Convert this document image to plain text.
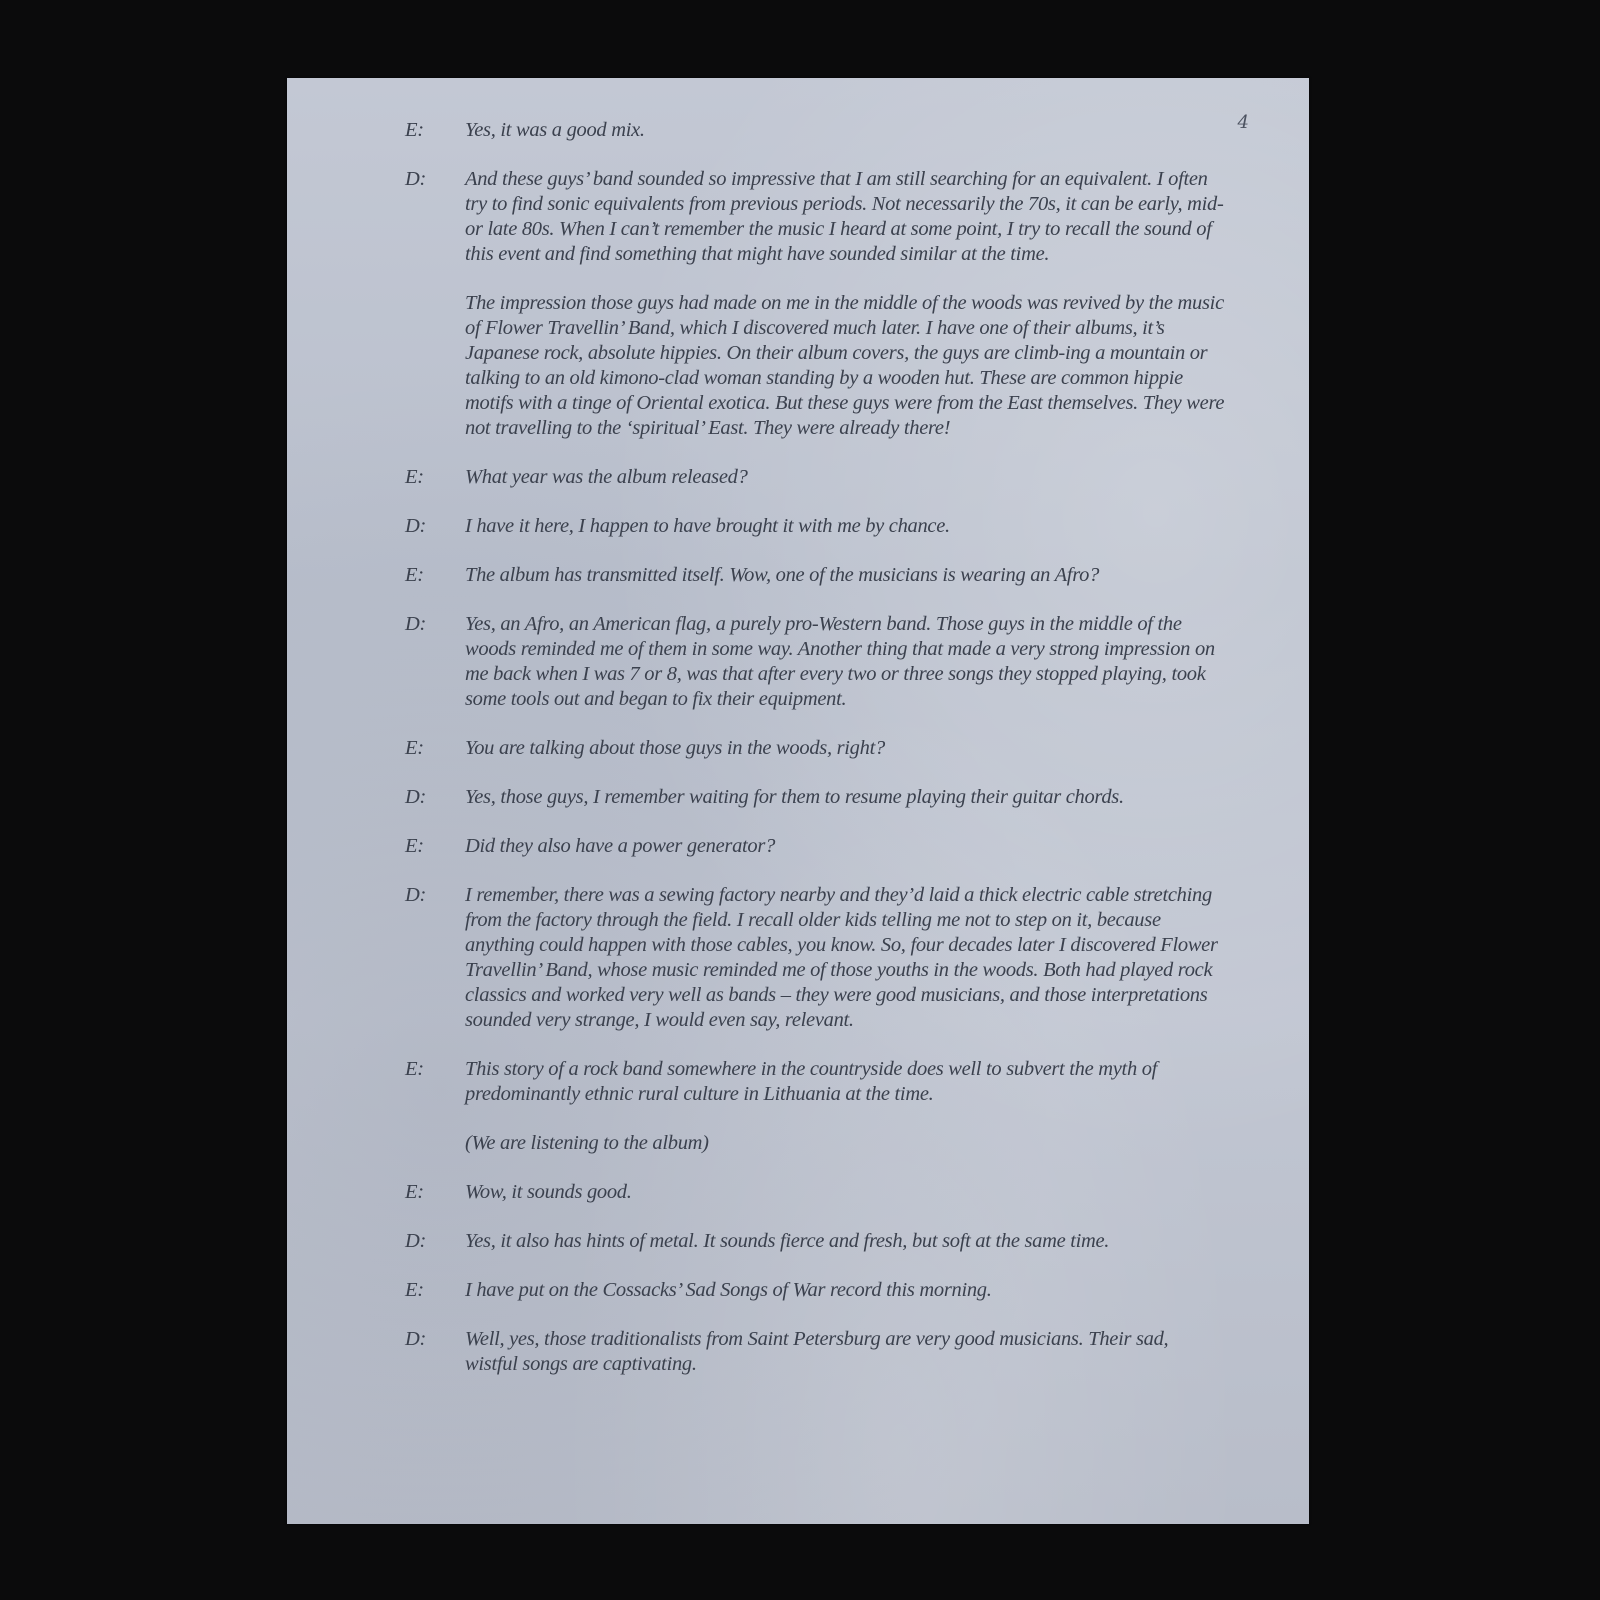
4
E:	Yes, it was a good mix.

D:	And these guys’ band sounded so impressive that I am still searching for an equivalent. I often try to find sonic equivalents from previous periods. Not necessarily the 70s, it can be early, mid- or late 80s. When I can’t remember the music I heard at some point, I try to recall the sound of this event and find something that might have sounded similar at the time.

The impression those guys had made on me in the middle of the woods was revived by the music of Flower Travellin’ Band, which I discovered much later. I have one of their albums, it’s Japanese rock, absolute hippies. On their album covers, the guys are climb-ing a mountain or talking to an old kimono-clad woman standing by a wooden hut. These are common hippie motifs with a tinge of Oriental exotica. But these guys were from the East themselves. They were not travelling to the ‘spiritual’ East. They were already there!

E:	What year was the album released?

D:	I have it here, I happen to have brought it with me by chance.

E:	The album has transmitted itself. Wow, one of the musicians is wearing an Afro?

D:	Yes, an Afro, an American flag, a purely pro-Western band. Those guys in the middle of the woods reminded me of them in some way. Another thing that made a very strong impression on me back when I was 7 or 8, was that after every two or three songs they stopped playing, took some tools out and began to fix their equipment.

E:	You are talking about those guys in the woods, right?

D:	Yes, those guys, I remember waiting for them to resume playing their guitar chords.

E:	Did they also have a power generator?

D:	I remember, there was a sewing factory nearby and they’d laid a thick electric cable stretching from the factory through the field. I recall older kids telling me not to step on it, because anything could happen with those cables, you know. So, four decades later I discovered Flower Travellin’ Band, whose music reminded me of those youths in the woods. Both had played rock classics and worked very well as bands – they were good musicians, and those interpretations sounded very strange, I would even say, relevant.

E:	This story of a rock band somewhere in the countryside does well to subvert the myth of predominantly ethnic rural culture in Lithuania at the time.

(We are listening to the album)

E:	Wow, it sounds good.

D:	Yes, it also has hints of metal. It sounds fierce and fresh, but soft at the same time.

E:	I have put on the Cossacks’ Sad Songs of War record this morning.

D:	Well, yes, those traditionalists from Saint Petersburg are very good musicians. Their sad, wistful songs are captivating.
